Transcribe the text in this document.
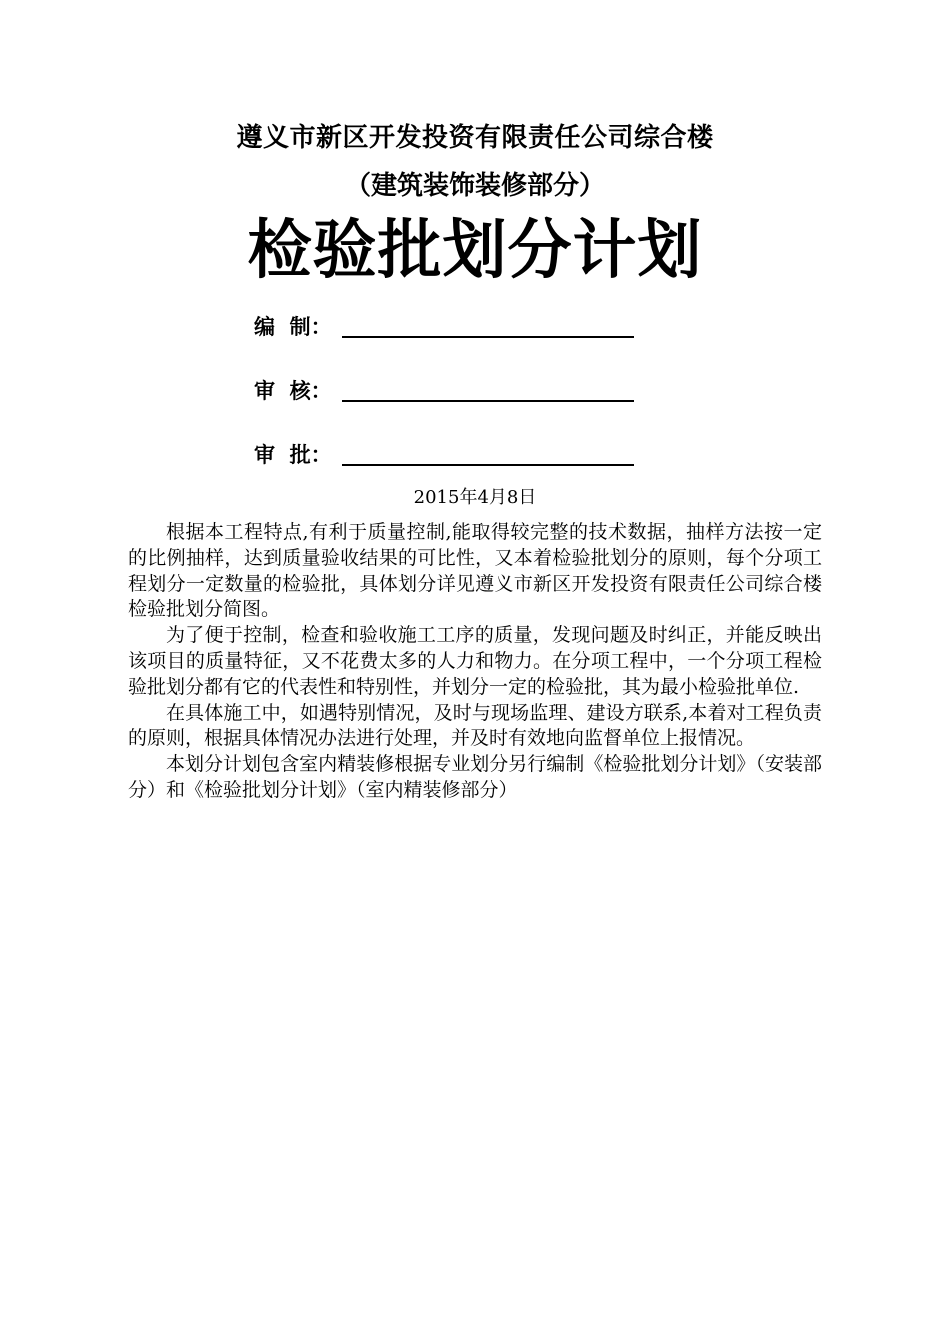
遵义市新区开发投资有限责任公司综合楼
（建筑装饰装修部分）
检验批划分计划
编  制：
审  核：
审  批：
2015年4月8日

根据本工程特点,有利于质量控制,能取得较完整的技术数据，抽样方法按一定的比例抽样，达到质量验收结果的可比性，又本着检验批划分的原则，每个分项工程划分一定数量的检验批，具体划分详见遵义市新区开发投资有限责任公司综合楼检验批划分简图。

为了便于控制，检查和验收施工工序的质量，发现问题及时纠正，并能反映出该项目的质量特征，又不花费太多的人力和物力。在分项工程中，一个分项工程检验批划分都有它的代表性和特别性，并划分一定的检验批，其为最小检验批单位.

在具体施工中，如遇特别情况，及时与现场监理、建设方联系,本着对工程负责的原则，根据具体情况办法进行处理，并及时有效地向监督单位上报情况。

本划分计划包含室内精装修根据专业划分另行编制《检验批划分计划》（安装部分）和《检验批划分计划》（室内精装修部分）
